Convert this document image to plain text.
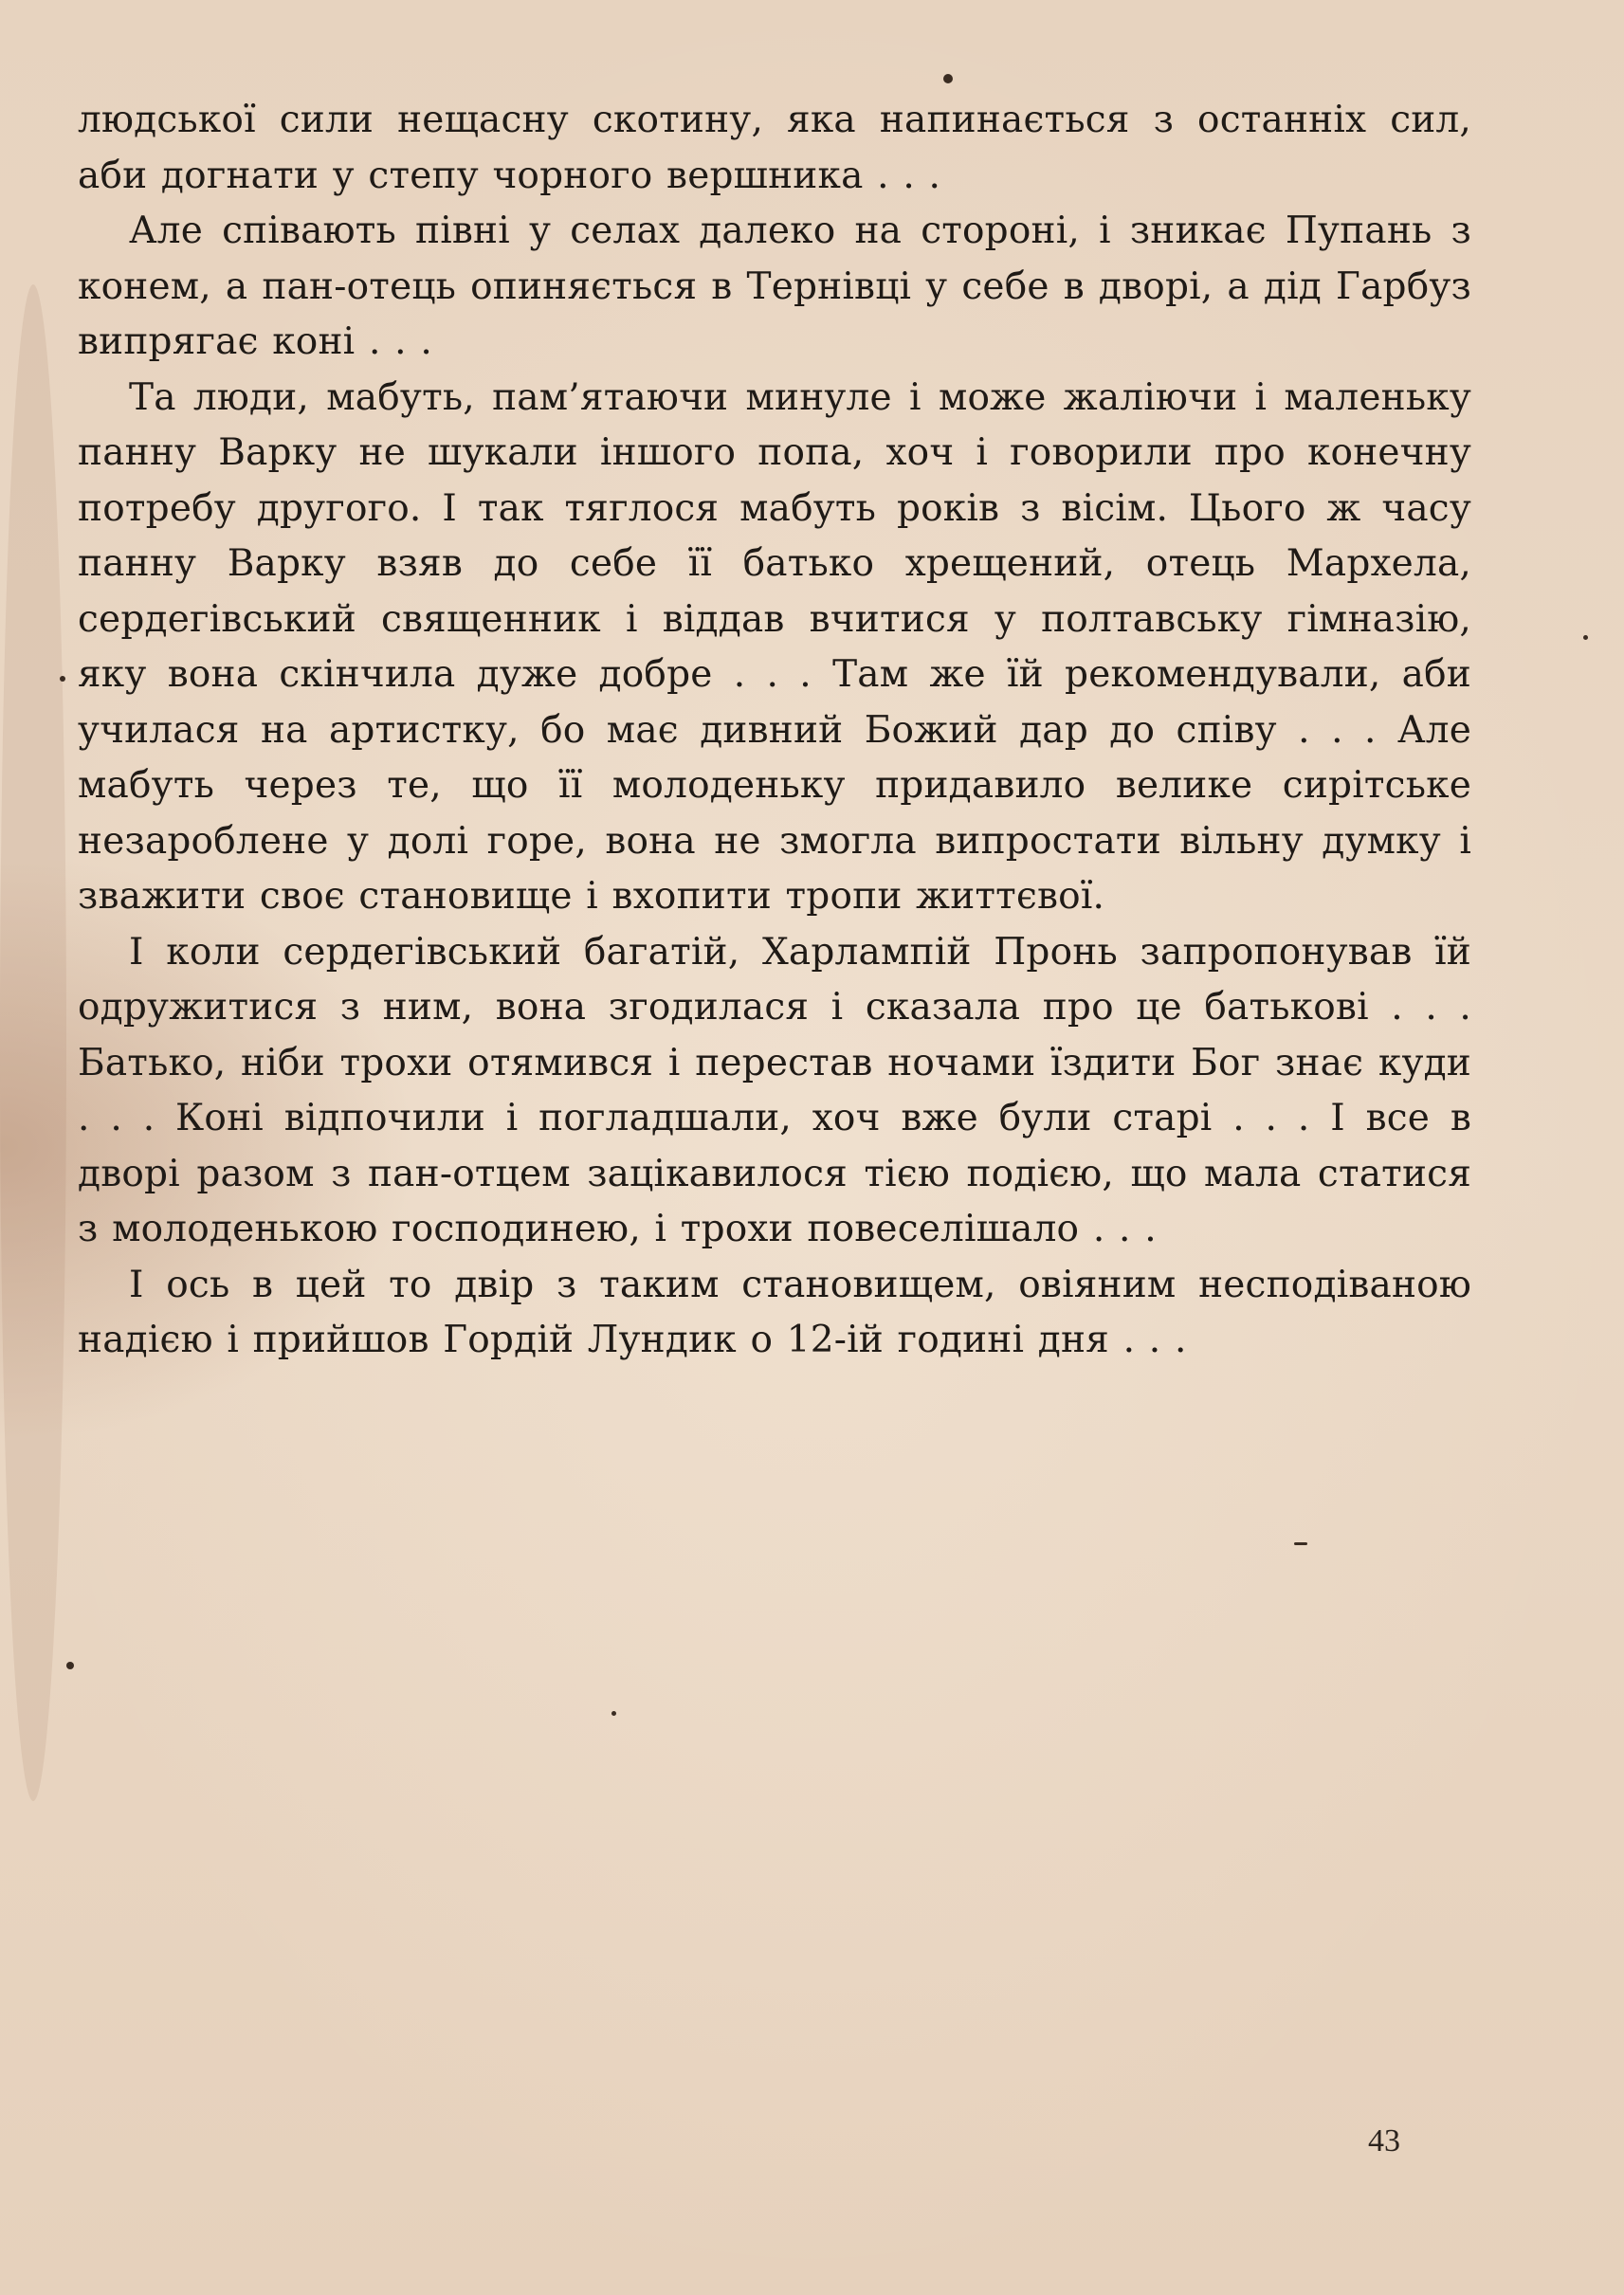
людської сили нещасну скотину, яка напинається з останніх сил, аби догнати у степу чорного вершника . . .

Але співають півні у селах далеко на стороні, і зникає Пупань з конем, а пан-отець опиняється в Тернівці у себе в дворі, а дід Гарбуз випрягає коні . . .

Та люди, мабуть, пам’ятаючи минуле і може жаліючи і маленьку панну Варку не шукали іншого попа, хоч і говорили про конечну потребу другого. І так тяглося мабуть років з вісім. Цього ж часу панну Варку взяв до себе її батько хрещений, отець Мархела, сердегівський священник і віддав вчитися у полтавську гімназію, яку вона скінчила дуже добре . . . Там же їй рекомендували, аби училася на артистку, бо має дивний Божий дар до співу . . . Але мабуть через те, що її молоденьку придавило велике сирітське незароблене у долі горе, вона не змогла випростати вільну думку і зважити своє становище і вхопити тропи життєвої.

І коли сердегівський багатій, Харлампій Пронь запропонував їй одружитися з ним, вона згодилася і сказала про це батькові . . . Батько, ніби трохи отямився і перестав ночами їздити Бог знає куди . . . Коні відпочили і погладшали, хоч вже були старі . . . І все в дворі разом з пан-отцем зацікавилося тією подією, що мала статися з молоденькою господинею, і трохи повеселішало . . .

І ось в цей то двір з таким становищем, овіяним несподіваною надією і прийшов Гордій Лундик о 12-ій годині дня . . .

43
